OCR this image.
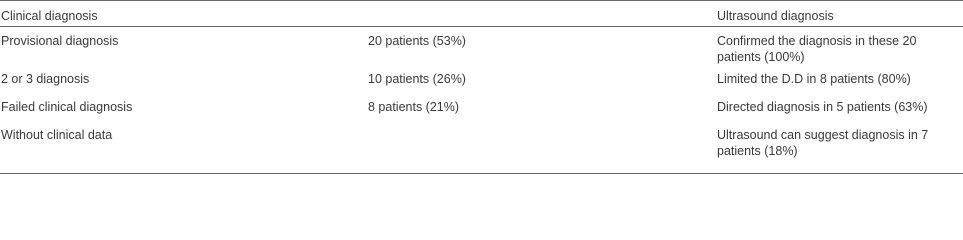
Clinical diagnosis		Ultrasound diagnosis
Provisional diagnosis	20 patients (53%)	Confirmed the diagnosis in these 20 patients (100%)
2 or 3 diagnosis	10 patients (26%)	Limited the D.D in 8 patients (80%)
Failed clinical diagnosis	8 patients (21%)	Directed diagnosis in 5 patients (63%)
Without clinical data		Ultrasound can suggest diagnosis in 7 patients (18%)
